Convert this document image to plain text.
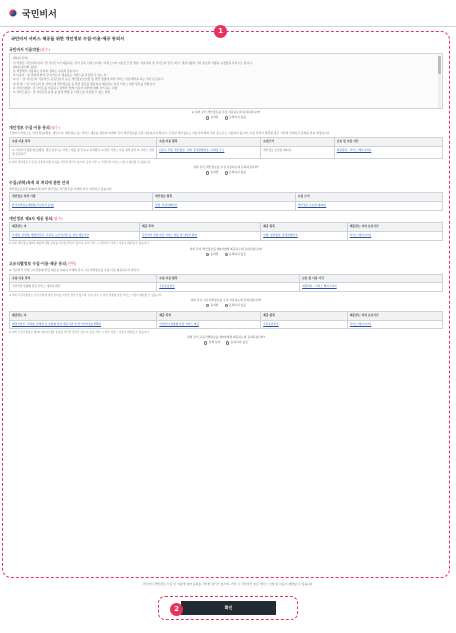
국민비서
국민비서 서비스 제공을 위한 개인정보 수집·이용·제공 동의서
국민비서 이용약관(필수)

제1조(목적)

이 약관은 국민비서(이하 "당 사이트")가 제공하는 전자 공지 서비스(이하 "서비스")의 이용조건 및 절차, 이용자와 당 사이트의 권리, 의무, 책임사항과 기타 필요한 사항을 규정함을 목적으로 합니다.

제2조(용어의 정의)

본 약관에서 사용하는 용어의 정의는 다음과 같습니다.

① 이용자 : 본 약관에 따라 당 사이트가 제공하는 서비스를 이용할 수 있는 자.

② 이 :: 당 사이트의 기본적인, 공동인증서 등은 개인정보보호법 및 관련 법령에 따라 서비스 이용계약을 하는 서식 등입니다.

③ 본 화 :: 당 사이트의 본 서비스에 개인정보를 등 관련 정보를 활용하여 제공하는 알림 서비스 대상 업무를 말합니다.

④ 서비스변화 : 당 사이트를 이용하고 위법한 함께 이용자 위반에 대해 처리 하는 사항

⑤ 서비스중단 : 당 사이트의 운영 중 장애 발생 등 서비스를 이용할 수 없는 상태

※ 위의 같이 개인정보를 수집·이용하는데 동의하십니까?
동의함	동의하지 않음
개인정보 수집·이용 동의(필수)
국민비서 서비스는 안내 알림(행정, 세무고지, 개인정보 등) 서비스 제공을 위하여 아래와 같이 개인정보를 수집·이용하고자 합니다. 수집된 개인정보는 이용목적 외의 다른 용도로는 이용되지 않으며, 이용 목적이 변경될 경우 사전에 안내하고 동의를 받을 예정입니다.
수집·이용 목적	수집·이용 항목	수집근거	보유 및 이용 기간
① 국민비서 맞춤 알림(행정, 세금 납부 등) 서비스 제공 및 안내 ② 본인확인 ③ 알림 서비스 이용 내역 관리 ④ 서비스 개선 및 민원처리	(필수) 성명, 생년월일, 성별, 휴대전화번호, 이메일 주소	개인정보 보호법 제15조	회원탈퇴 · 서비스 해지시까지
※ 위의 개인정보 수집 및 이용에 대한 동의를 거부할 권리가 있으며, 동의 거부 시 국민비서 서비스 이용이 제한될 수 있습니다.
위와 같이 개인정보를 수집·이용하는데 동의하십니까?
동의함	동의하지 않음
수집(위탁)목적 외 처리에 관한 안내
개인정보보호법 제26조에 따라 개인정보 처리업무를 아래와 같이 위탁하고 있습니다.
개인정보 처리 기관	개인정보 항목	수집 근거
한국지역정보개발원(국민비서 운영)	성명, 휴대전화번호	개인정보 보호법 제26조
개인정보 제3자 제공 동의(필수)
제공받는 자	제공 목적	제공 항목	제공받는 자의 보유기간
국세청, 관세청, 행정안전부, 교육부, 보건복지부 등 알림 제공기관	국민비서 맞춤 알림 서비스 제공 및 대상자 확인	성명, 생년월일, 휴대전화번호	서비스 해지시까지
※ 위의 개인정보 제3자 제공에 대한 동의를 거부할 권리가 있으며, 동의 거부 시 국민비서 서비스 이용이 제한될 수 있습니다.
위의 같이 개인정보를 제3자에게 제공하는데 동의하십니까?
동의함	동의하지 않음
고유식별정보 수집·이용·제공 동의(선택)
※ 국민비서 서비스의 맞춤형 알림 제공을 위하여 아래와 같이 고유식별정보를 수집·이용·제공하고자 합니다.
수집·이용 목적	수집·이용 항목	보유 및 이용 기간
국민비서 맞춤형 알림 서비스 대상자 확인	주민등록번호	회원탈퇴 · 서비스 해지시까지
※ 위의 고유식별정보 수집·이용에 대한 동의를 거부할 권리가 있으며, 동의 거부 시 일부 맞춤형 알림 서비스 이용이 제한될 수 있습니다.
위와 같이 고유식별정보를 수집·이용하는데 동의하십니까?
동의함	동의하지 않음
제공받는 자	제공 목적	제공 항목	제공받는 자의 보유기간
행정안전부, 국세청, 관세청 등 맞춤형 알림 제공기관 및 한국지역정보개발원	국민비서 맞춤형 알림 서비스 제공	주민등록번호	서비스 해지시까지
※ 위의 고유식별정보 제3자 제공에 대한 동의를 거부할 권리가 있으며, 동의 거부 시 일부 서비스 이용이 제한될 수 있습니다.
위와 같이 고유식별정보를 제3자에게 제공하는데 동의하십니까?
전체 동의	동의하지 않음
1
국민비서 개인정보 수집 및 이용에 대한 동의를 거부할 권리가 있으며, 거부 시 국민비서 알림 서비스 신청 및 이용이 제한될 수 있습니다.
확인
2
